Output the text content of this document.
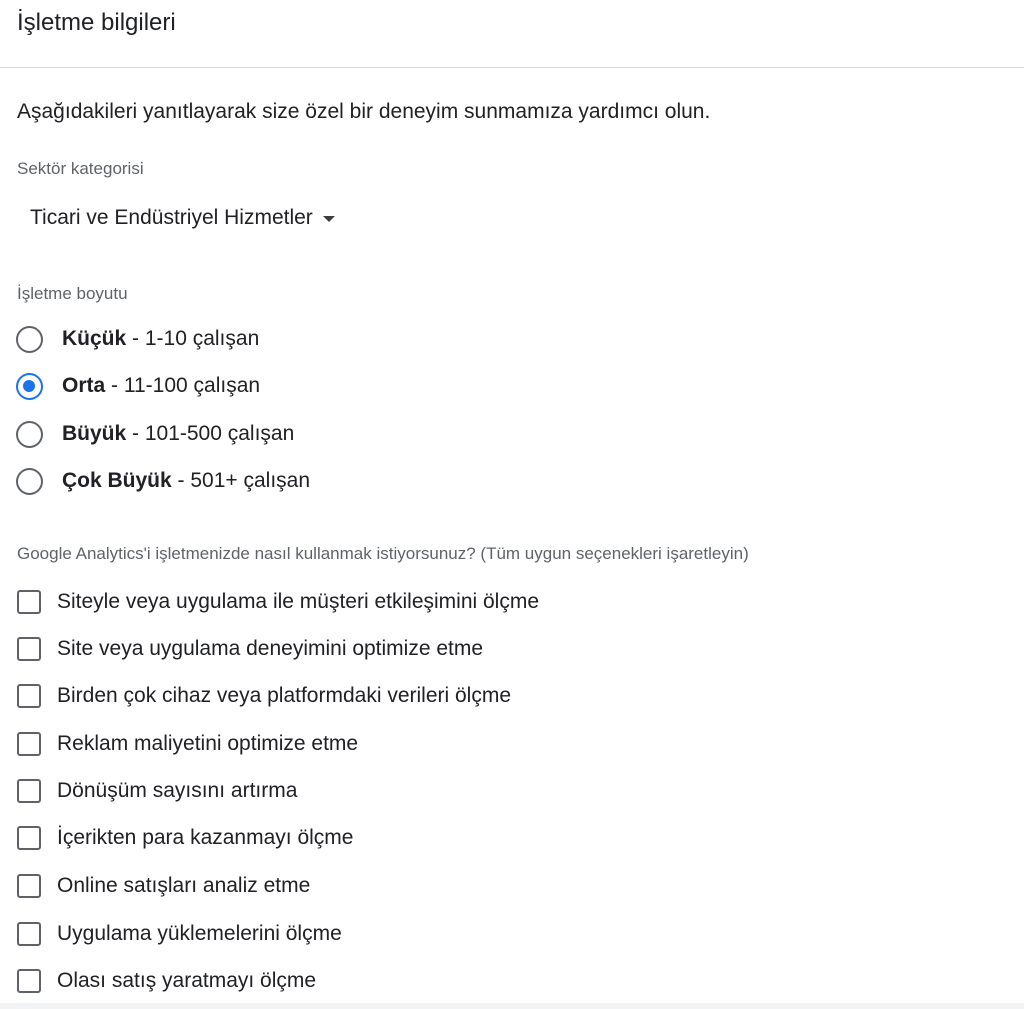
İşletme bilgileri
Aşağıdakileri yanıtlayarak size özel bir deneyim sunmamıza yardımcı olun.
Sektör kategorisi
Ticari ve Endüstriyel Hizmetler
İşletme boyutu
Küçük - 1-10 çalışan
Orta - 11-100 çalışan
Büyük - 101-500 çalışan
Çok Büyük - 501+ çalışan
Google Analytics'i işletmenizde nasıl kullanmak istiyorsunuz? (Tüm uygun seçenekleri işaretleyin)
Siteyle veya uygulama ile müşteri etkileşimini ölçme
Site veya uygulama deneyimini optimize etme
Birden çok cihaz veya platformdaki verileri ölçme
Reklam maliyetini optimize etme
Dönüşüm sayısını artırma
İçerikten para kazanmayı ölçme
Online satışları analiz etme
Uygulama yüklemelerini ölçme
Olası satış yaratmayı ölçme
